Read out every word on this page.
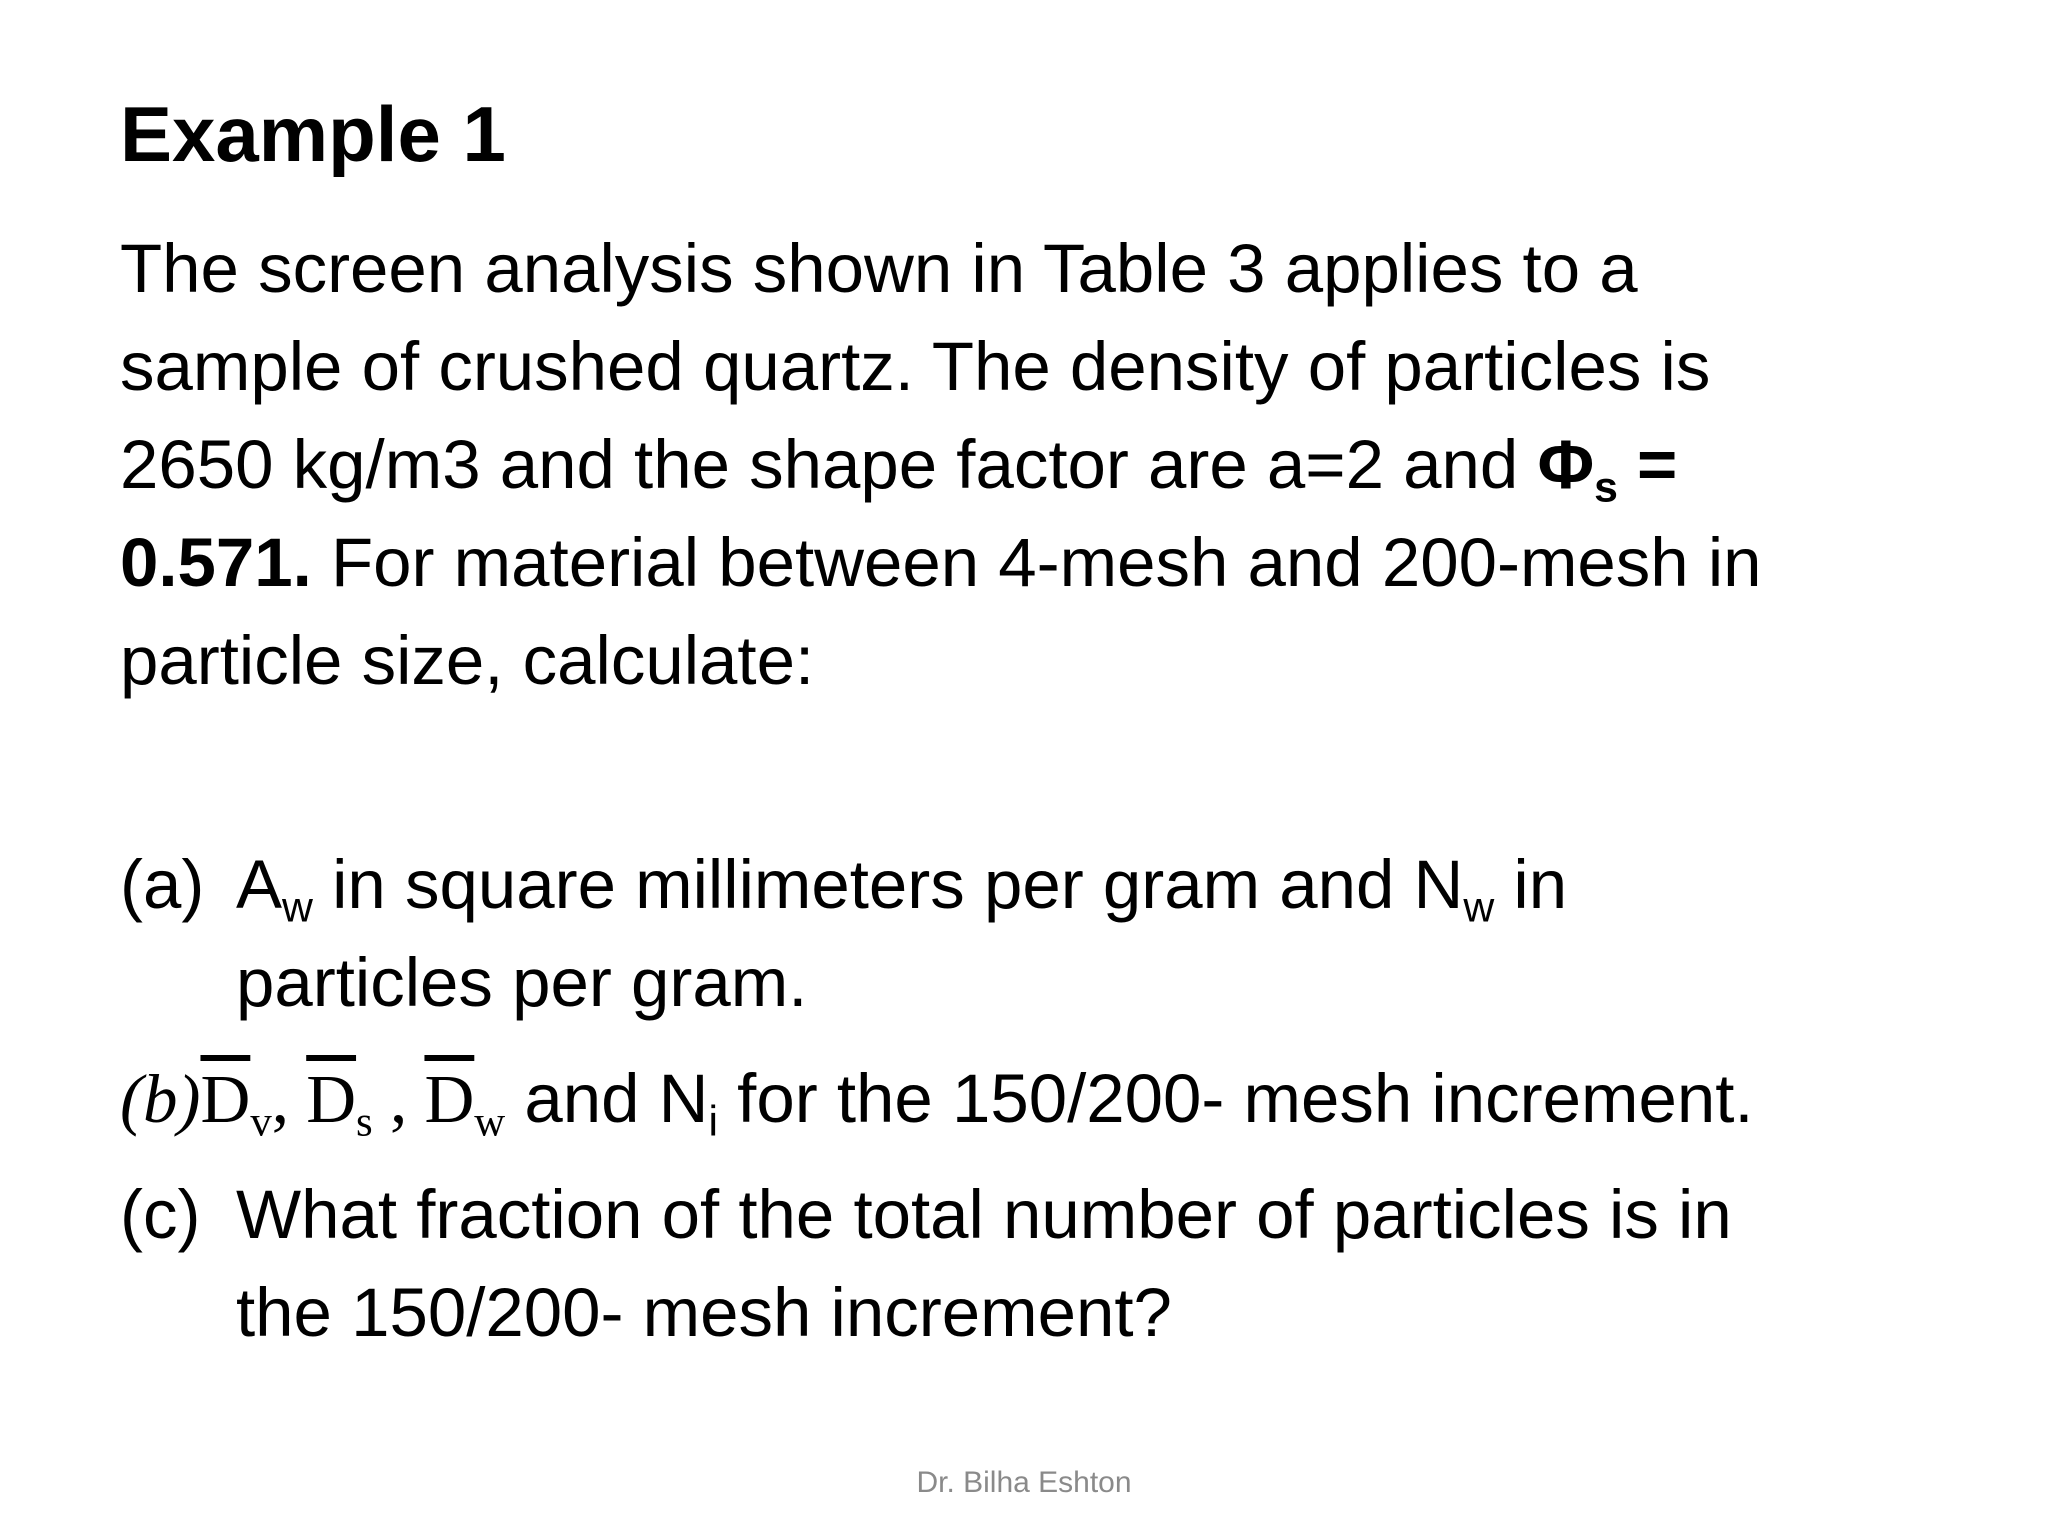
Example 1
The screen analysis shown in Table 3 applies to a
sample of crushed quartz. The density of particles is
2650 kg/m3 and the shape factor are a=2 and $\Phi_s$ =
0.571. For material between 4-mesh and 200-mesh in
particle size, calculate:
(a) $A_w$ in square millimeters per gram and $N_w$ in
particles per gram.
$(b)\overline{D}_v$, $\overline{D}_s$ , $\overline{D}_w$ and $N_i$ for the 150/200- mesh increment.
(c) What fraction of the total number of particles is in
the 150/200- mesh increment?
Dr. Bilha Eshton
